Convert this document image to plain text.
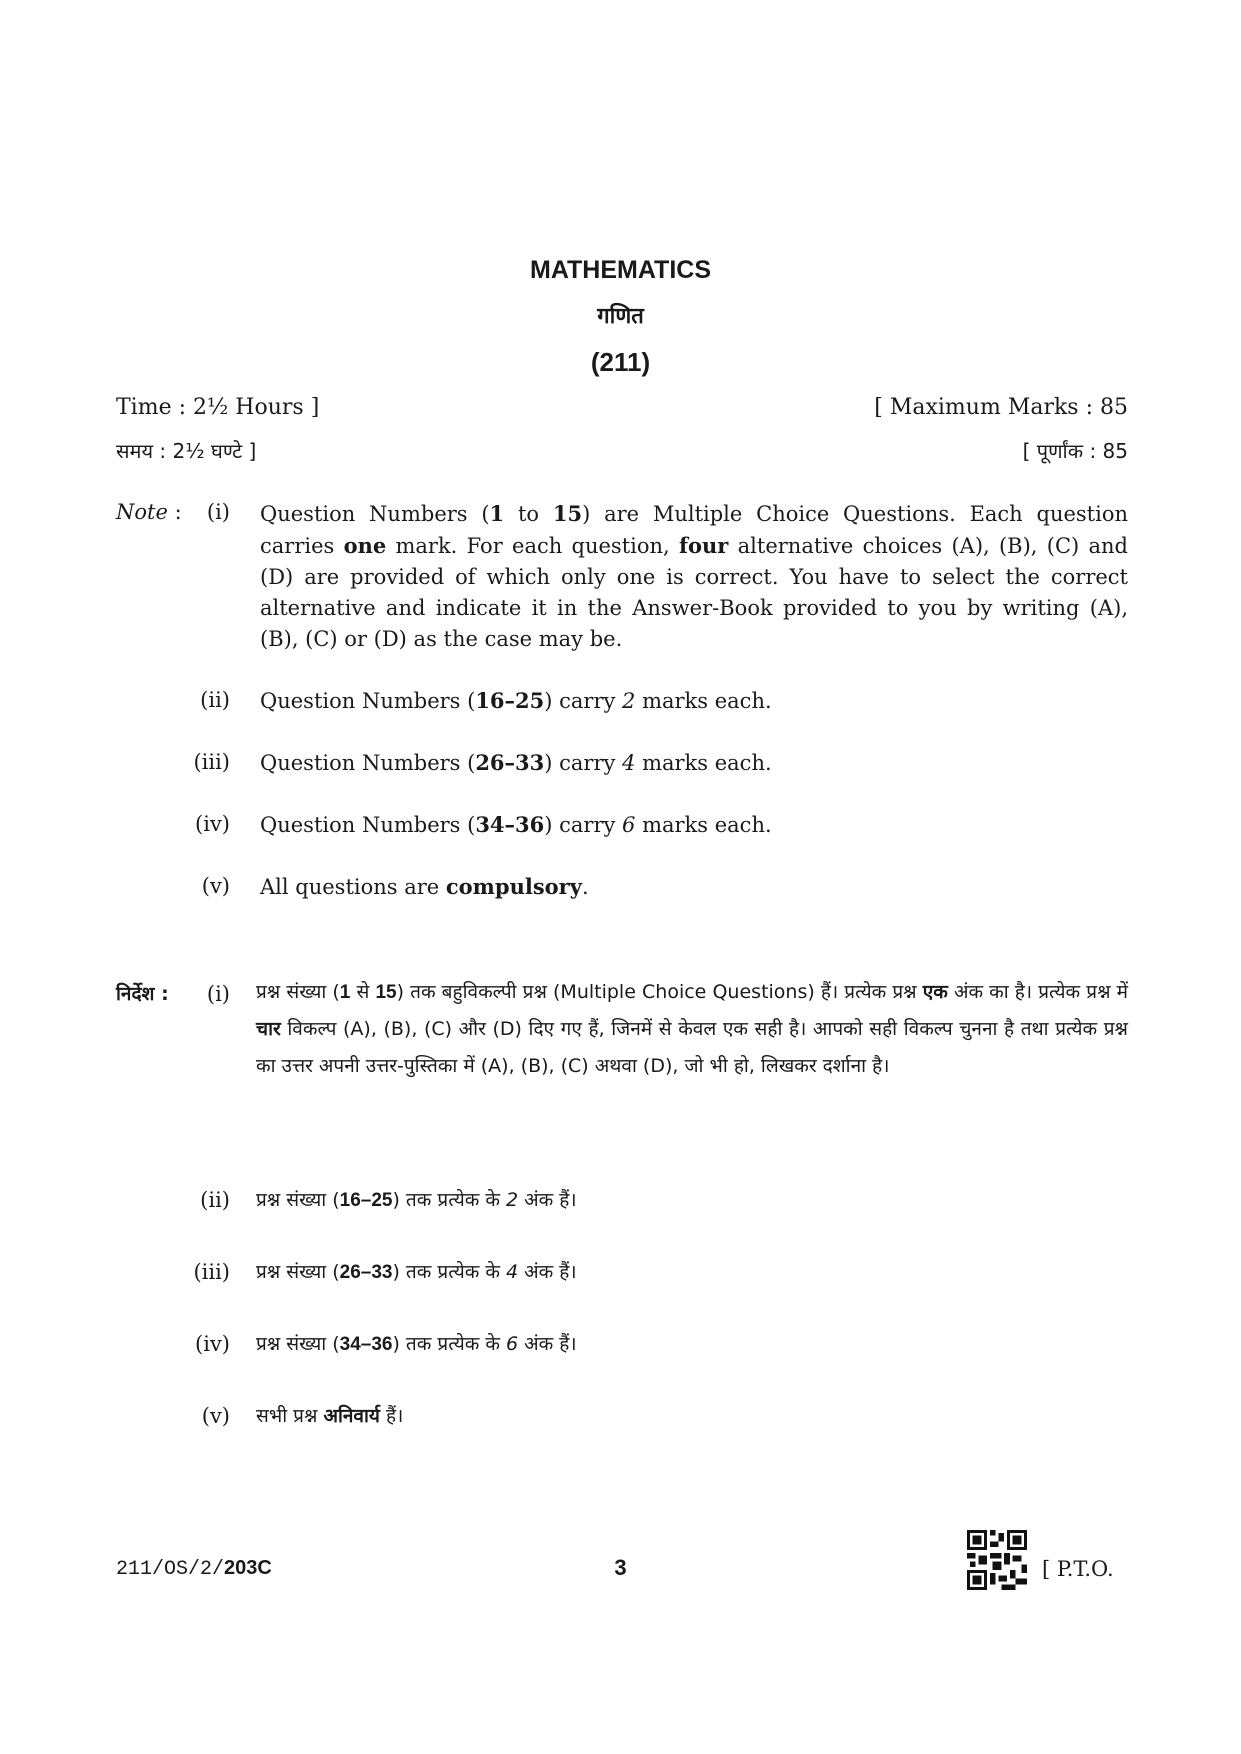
MATHEMATICS
गणित
(211)
Time : 2½ Hours ]	[ Maximum Marks : 85
समय : 2½ घण्टे ]	[ पूर्णांक : 85
Note :	(i) Question Numbers (1 to 15) are Multiple Choice Questions. Each question carries one mark. For each question, four alternative choices (A), (B), (C) and (D) are provided of which only one is correct. You have to select the correct alternative and indicate it in the Answer-Book provided to you by writing (A), (B), (C) or (D) as the case may be.
(ii) Question Numbers (16–25) carry 2 marks each.
(iii) Question Numbers (26–33) carry 4 marks each.
(iv) Question Numbers (34–36) carry 6 marks each.
(v) All questions are compulsory.
निर्देश :	(i) प्रश्न संख्या (1 से 15) तक बहुविकल्पी प्रश्न (Multiple Choice Questions) हैं। प्रत्येक प्रश्न एक अंक का है। प्रत्येक प्रश्न में चार विकल्प (A), (B), (C) और (D) दिए गए हैं, जिनमें से केवल एक सही है। आपको सही विकल्प चुनना है तथा प्रत्येक प्रश्न का उत्तर अपनी उत्तर-पुस्तिका में (A), (B), (C) अथवा (D), जो भी हो, लिखकर दर्शाना है।
(ii) प्रश्न संख्या (16–25) तक प्रत्येक के 2 अंक हैं।
(iii) प्रश्न संख्या (26–33) तक प्रत्येक के 4 अंक हैं।
(iv) प्रश्न संख्या (34–36) तक प्रत्येक के 6 अंक हैं।
(v) सभी प्रश्न अनिवार्य हैं।
211/OS/2/203C	3	[ P.T.O.
